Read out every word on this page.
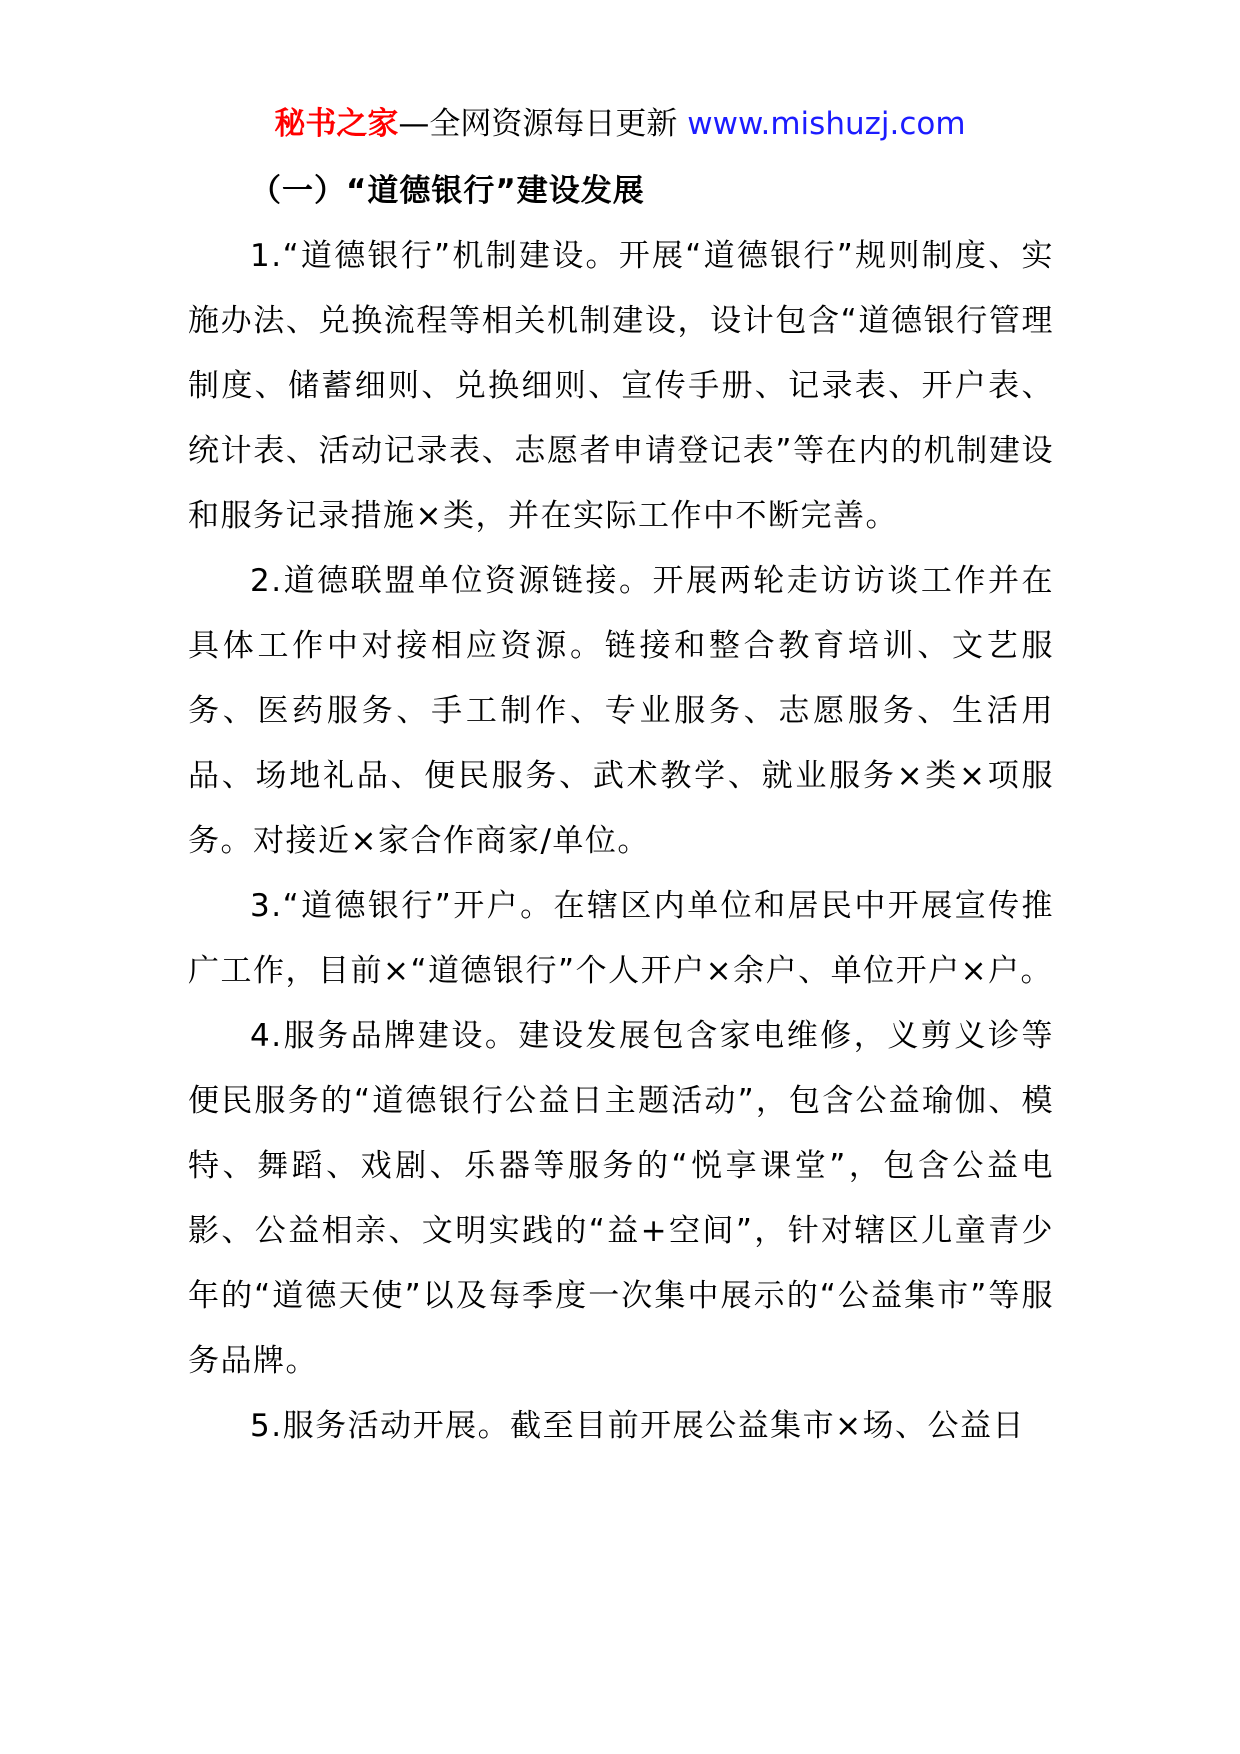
秘书之家—全网资源每日更新 www.mishuzj.com

（一）“道德银行”建设发展

1.“道德银行”机制建设。开展“道德银行”规则制度、实施办法、兑换流程等相关机制建设，设计包含“道德银行管理制度、储蓄细则、兑换细则、宣传手册、记录表、开户表、统计表、活动记录表、志愿者申请登记表”等在内的机制建设和服务记录措施×类，并在实际工作中不断完善。

2.道德联盟单位资源链接。开展两轮走访访谈工作并在具体工作中对接相应资源。链接和整合教育培训、文艺服务、医药服务、手工制作、专业服务、志愿服务、生活用品、场地礼品、便民服务、武术教学、就业服务×类×项服务。对接近×家合作商家/单位。

3.“道德银行”开户。在辖区内单位和居民中开展宣传推广工作，目前×“道德银行”个人开户×余户、单位开户×户。

4.服务品牌建设。建设发展包含家电维修，义剪义诊等便民服务的“道德银行公益日主题活动”，包含公益瑜伽、模特、舞蹈、戏剧、乐器等服务的“悦享课堂”，包含公益电影、公益相亲、文明实践的“益+空间”，针对辖区儿童青少年的“道德天使”以及每季度一次集中展示的“公益集市”等服务品牌。

5.服务活动开展。截至目前开展公益集市×场、公益日
